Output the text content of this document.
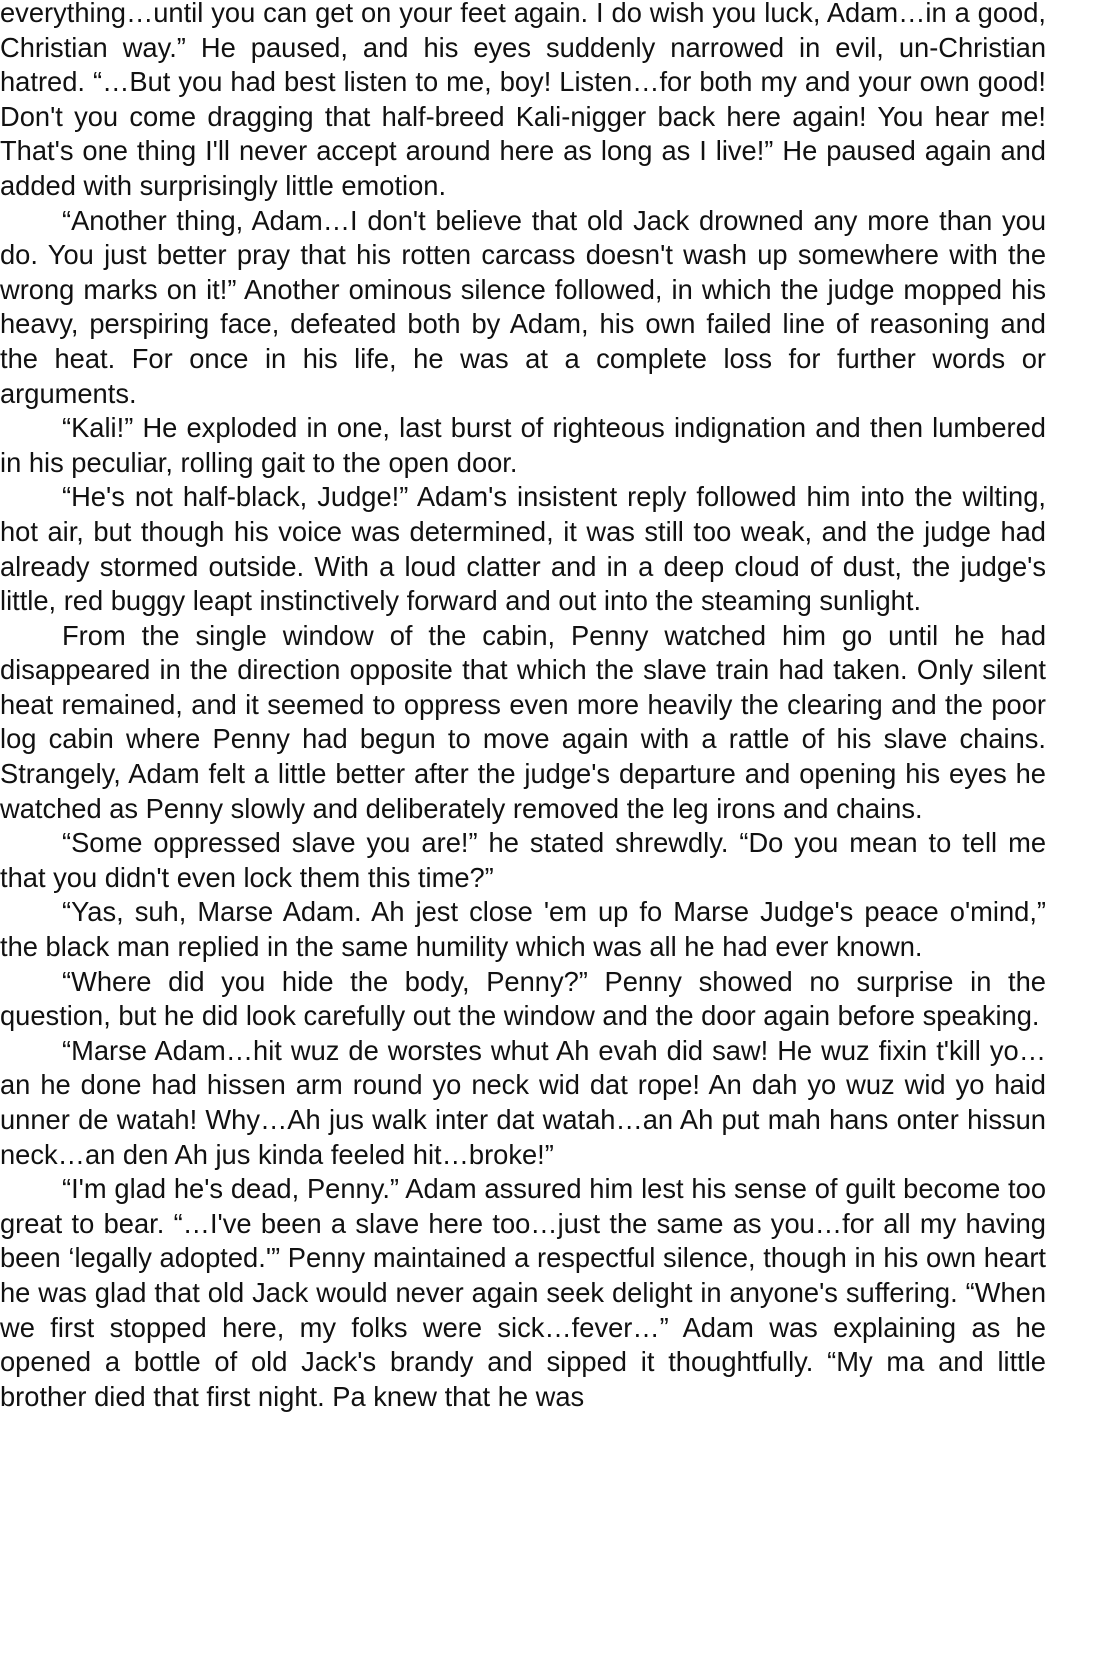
everything…until you can get on your feet again. I do wish you luck, Adam…in a good, Christian way.” He paused, and his eyes suddenly narrowed in evil, un-Christian hatred. “…But you had best listen to me, boy! Listen…for both my and your own good! Don't you come dragging that half-breed Kali-nigger back here again! You hear me! That's one thing I'll never accept around here as long as I live!” He paused again and added with surprisingly little emotion.

“Another thing, Adam…I don't believe that old Jack drowned any more than you do. You just better pray that his rotten carcass doesn't wash up somewhere with the wrong marks on it!” Another ominous silence followed, in which the judge mopped his heavy, perspiring face, defeated both by Adam, his own failed line of reasoning and the heat. For once in his life, he was at a complete loss for further words or arguments.

“Kali!” He exploded in one, last burst of righteous indignation and then lumbered in his peculiar, rolling gait to the open door.

“He's not half-black, Judge!” Adam's insistent reply followed him into the wilting, hot air, but though his voice was determined, it was still too weak, and the judge had already stormed outside. With a loud clatter and in a deep cloud of dust, the judge's little, red buggy leapt instinctively forward and out into the steaming sunlight.

From the single window of the cabin, Penny watched him go until he had disappeared in the direction opposite that which the slave train had taken. Only silent heat remained, and it seemed to oppress even more heavily the clearing and the poor log cabin where Penny had begun to move again with a rattle of his slave chains. Strangely, Adam felt a little better after the judge's departure and opening his eyes he watched as Penny slowly and deliberately removed the leg irons and chains.

“Some oppressed slave you are!” he stated shrewdly. “Do you mean to tell me that you didn't even lock them this time?”

“Yas, suh, Marse Adam. Ah jest close 'em up fo Marse Judge's peace o'mind,” the black man replied in the same humility which was all he had ever known.

“Where did you hide the body, Penny?” Penny showed no surprise in the question, but he did look carefully out the window and the door again before speaking.

“Marse Adam…hit wuz de worstes whut Ah evah did saw! He wuz fixin t'kill yo…an he done had hissen arm round yo neck wid dat rope! An dah yo wuz wid yo haid unner de watah! Why…Ah jus walk inter dat watah…an Ah put mah hans onter hissun neck…an den Ah jus kinda feeled hit…broke!”

“I'm glad he's dead, Penny.” Adam assured him lest his sense of guilt become too great to bear. “…I've been a slave here too…just the same as you…for all my having been ‘legally adopted.'” Penny maintained a respectful silence, though in his own heart he was glad that old Jack would never again seek delight in anyone's suffering. “When we first stopped here, my folks were sick…fever…” Adam was explaining as he opened a bottle of old Jack's brandy and sipped it thoughtfully. “My ma and little brother died that first night. Pa knew that he was
